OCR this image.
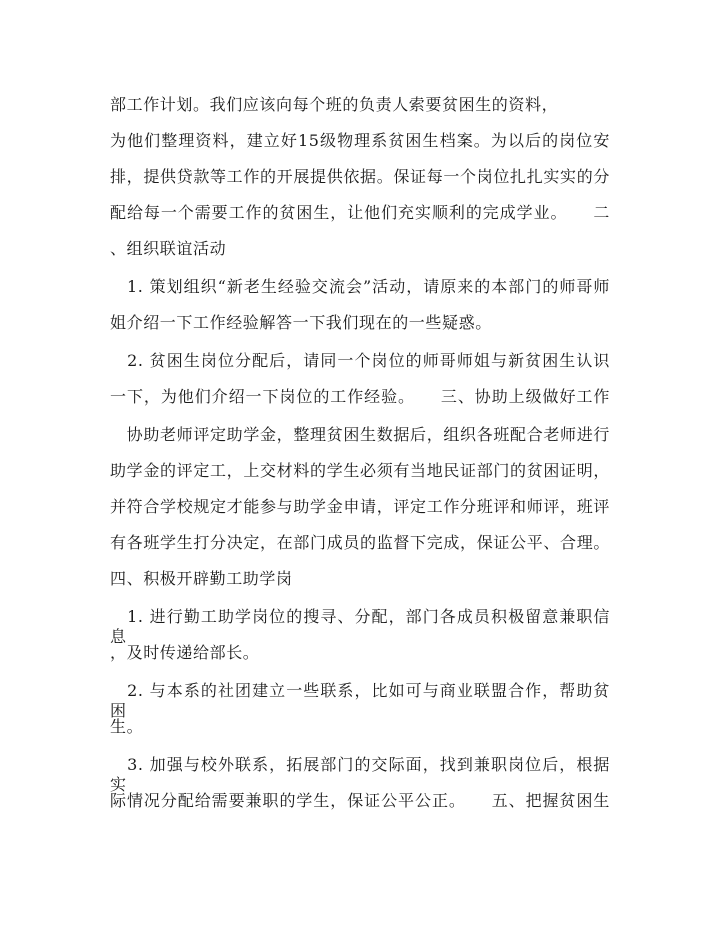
部工作计划。我们应该向每个班的负责人索要贫困生的资料，
为他们整理资料，建立好15级物理系贫困生档案。为以后的岗位安
排，提供贷款等工作的开展提供依据。保证每一个岗位扎扎实实的分
配给每一个需要工作的贫困生，让他们充实顺利的完成学业。　　二
、组织联谊活动
　1. 策划组织“新老生经验交流会”活动，请原来的本部门的师哥师
姐介绍一下工作经验解答一下我们现在的一些疑惑。
　2. 贫困生岗位分配后，请同一个岗位的师哥师姐与新贫困生认识
一下，为他们介绍一下岗位的工作经验。　　三、协助上级做好工作
　协助老师评定助学金，整理贫困生数据后，组织各班配合老师进行
助学金的评定工，上交材料的学生必须有当地民证部门的贫困证明，
并符合学校规定才能参与助学金申请，评定工作分班评和师评，班评
有各班学生打分决定，在部门成员的监督下完成，保证公平、合理。
四、积极开辟勤工助学岗
　1. 进行勤工助学岗位的搜寻、分配，部门各成员积极留意兼职信息
，及时传递给部长。
　2. 与本系的社团建立一些联系，比如可与商业联盟合作，帮助贫困
生。
　3. 加强与校外联系，拓展部门的交际面，找到兼职岗位后，根据实
际情况分配给需要兼职的学生，保证公平公正。　　五、把握贫困生
